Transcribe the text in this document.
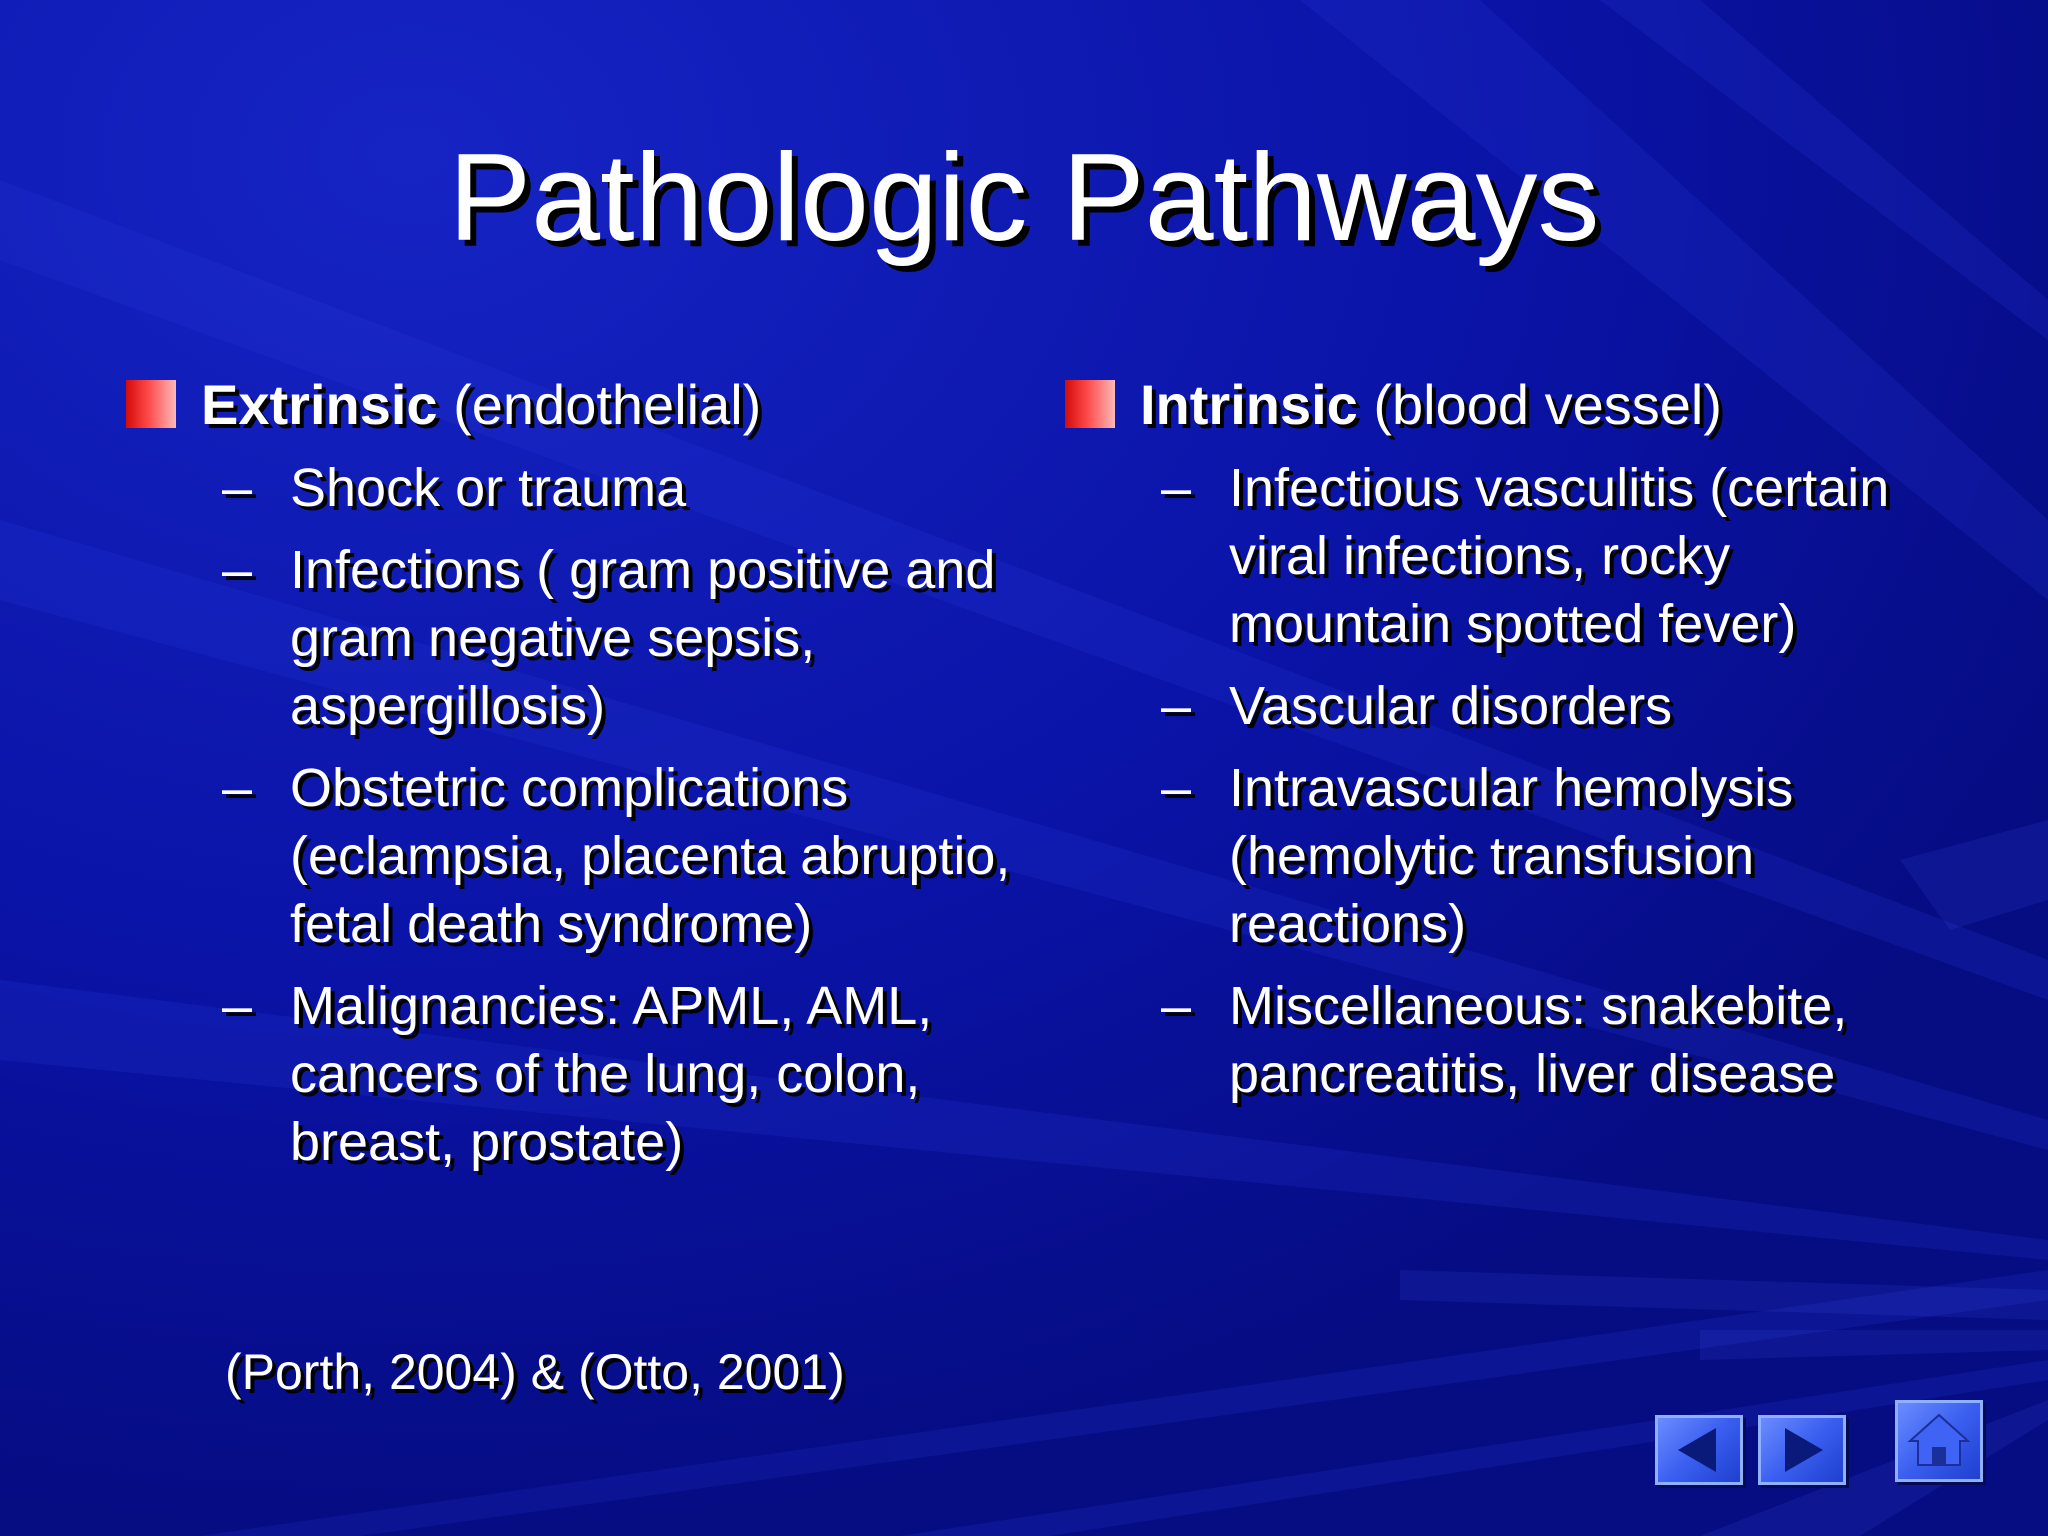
Pathologic Pathways
Extrinsic (endothelial)
– Shock or trauma
– Infections ( gram positive and gram negative sepsis, aspergillosis)
– Obstetric complications (eclampsia, placenta abruptio, fetal death syndrome)
– Malignancies: APML, AML, cancers of the lung, colon, breast, prostate)
Intrinsic (blood vessel)
– Infectious vasculitis (certain viral infections, rocky mountain spotted fever)
– Vascular disorders
– Intravascular hemolysis (hemolytic transfusion reactions)
– Miscellaneous: snakebite, pancreatitis, liver disease
(Porth, 2004) & (Otto, 2001)
